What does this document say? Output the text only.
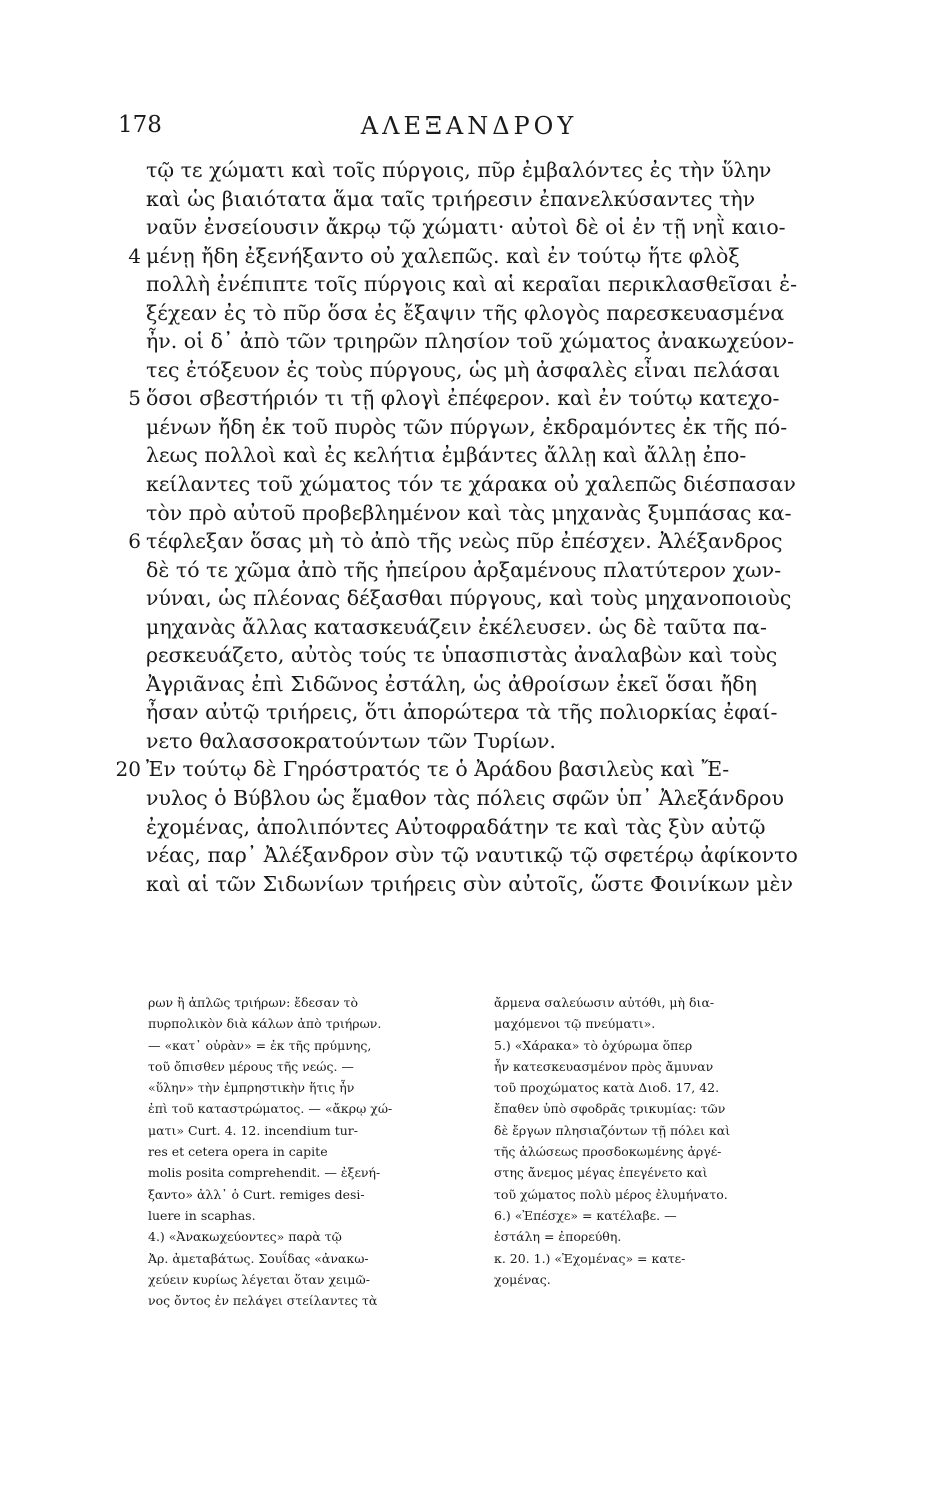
178	ΑΛΕΞΑΝΔΡΟΥ
τῷ τε χώματι καὶ τοῖς πύργοις, πῦρ ἐμβαλόντες ἐς τὴν ὕλην
καὶ ὡς βιαιότατα ἅμα ταῖς τριήρεσιν ἐπανελκύσαντες τὴν
ναῦν ἐνσείουσιν ἄκρῳ τῷ χώματι· αὐτοὶ δὲ οἱ ἐν τῇ νηῒ καιο-
4 μένῃ ἤδη ἐξενήξαντο οὐ χαλεπῶς. καὶ ἐν τούτῳ ἥτε φλὸξ
πολλὴ ἐνέπιπτε τοῖς πύργοις καὶ αἱ κεραῖαι περικλασθεῖσαι ἐ-
ξέχεαν ἐς τὸ πῦρ ὅσα ἐς ἔξαψιν τῆς φλογὸς παρεσκευασμένα
ἦν. οἱ δ᾽ ἀπὸ τῶν τριηρῶν πλησίον τοῦ χώματος ἀνακωχεύον-
τες ἐτόξευον ἐς τοὺς πύργους, ὡς μὴ ἀσφαλὲς εἶναι πελάσαι
5 ὅσοι σβεστήριόν τι τῇ φλογὶ ἐπέφερον. καὶ ἐν τούτῳ κατεχο-
μένων ἤδη ἐκ τοῦ πυρὸς τῶν πύργων, ἐκδραμόντες ἐκ τῆς πό-
λεως πολλοὶ καὶ ἐς κελήτια ἐμβάντες ἄλλῃ καὶ ἄλλῃ ἐπο-
κείλαντες τοῦ χώματος τόν τε χάρακα οὐ χαλεπῶς διέσπασαν
τὸν πρὸ αὐτοῦ προβεβλημένον καὶ τὰς μηχανὰς ξυμπάσας κα-
6 τέφλεξαν ὅσας μὴ τὸ ἀπὸ τῆς νεὼς πῦρ ἐπέσχεν. Ἀλέξανδρος
δὲ τό τε χῶμα ἀπὸ τῆς ἠπείρου ἀρξαμένους πλατύτερον χων-
νύναι, ὡς πλέονας δέξασθαι πύργους, καὶ τοὺς μηχανοποιοὺς
μηχανὰς ἄλλας κατασκευάζειν ἐκέλευσεν. ὡς δὲ ταῦτα πα-
ρεσκευάζετο, αὐτὸς τούς τε ὑπασπιστὰς ἀναλαβὼν καὶ τοὺς
Ἀγριᾶνας ἐπὶ Σιδῶνος ἐστάλη, ὡς ἀθροίσων ἐκεῖ ὅσαι ἤδη
ἦσαν αὐτῷ τριήρεις, ὅτι ἀπορώτερα τὰ τῆς πολιορκίας ἐφαί-
νετο θαλασσοκρατούντων τῶν Τυρίων.
20 Ἐν τούτῳ δὲ Γηρόστρατός τε ὁ Ἀράδου βασιλεὺς καὶ Ἔ-
νυλος ὁ Βύβλου ὡς ἔμαθον τὰς πόλεις σφῶν ὑπ᾽ Ἀλεξάνδρου
ἐχομένας, ἀπολιπόντες Αὐτοφραδάτην τε καὶ τὰς ξὺν αὐτῷ
νέας, παρ᾽ Ἀλέξανδρον σὺν τῷ ναυτικῷ τῷ σφετέρῳ ἀφίκοντο
καὶ αἱ τῶν Σιδωνίων τριήρεις σὺν αὐτοῖς, ὥστε Φοινίκων μὲν
ρων ἢ ἁπλῶς τριήρων: ἔδεσαν τὸ
πυρπολικὸν διὰ κάλων ἀπὸ τριήρων.
— «κατ᾽ οὐρὰν» = ἐκ τῆς πρύμνης,
τοῦ ὄπισθεν μέρους τῆς νεώς. —
«ὕλην» τὴν ἐμπρηστικὴν ἥτις ἦν
ἐπὶ τοῦ καταστρώματος. — «ἄκρῳ χώ-
ματι» Curt. 4. 12. incendium tur-
res et cetera opera in capite
molis posita comprehendit. — ἐξενή-
ξαντο» ἀλλ᾽ ὁ Curt. remiges desi-
luere in scaphas.
4.) «Ἀνακωχεύοντες» παρὰ τῷ
Ἀρ. ἀμεταβάτως. Σουΐδας «ἀνακω-
χεύειν κυρίως λέγεται ὅταν χειμῶ-
νος ὄντος ἐν πελάγει στείλαντες τὰ
ἄρμενα σαλεύωσιν αὐτόθι, μὴ δια-
μαχόμενοι τῷ πνεύματι».
5.) «Χάρακα» τὸ ὀχύρωμα ὅπερ
ἦν κατεσκευασμένον πρὸς ἄμυναν
τοῦ προχώματος κατὰ Διοδ. 17, 42.
ἔπαθεν ὑπὸ σφοδρᾶς τρικυμίας: τῶν
δὲ ἔργων πλησιαζόντων τῇ πόλει καὶ
τῆς ἁλώσεως προσδοκωμένης ἀργέ-
στης ἄνεμος μέγας ἐπεγένετο καὶ
τοῦ χώματος πολὺ μέρος ἐλυμήνατο.
6.) «Ἐπέσχε» = κατέλαβε. —
ἐστάλη = ἐπορεύθη.
κ. 20. 1.) «Ἐχομένας» = κατε-
χομένας.
